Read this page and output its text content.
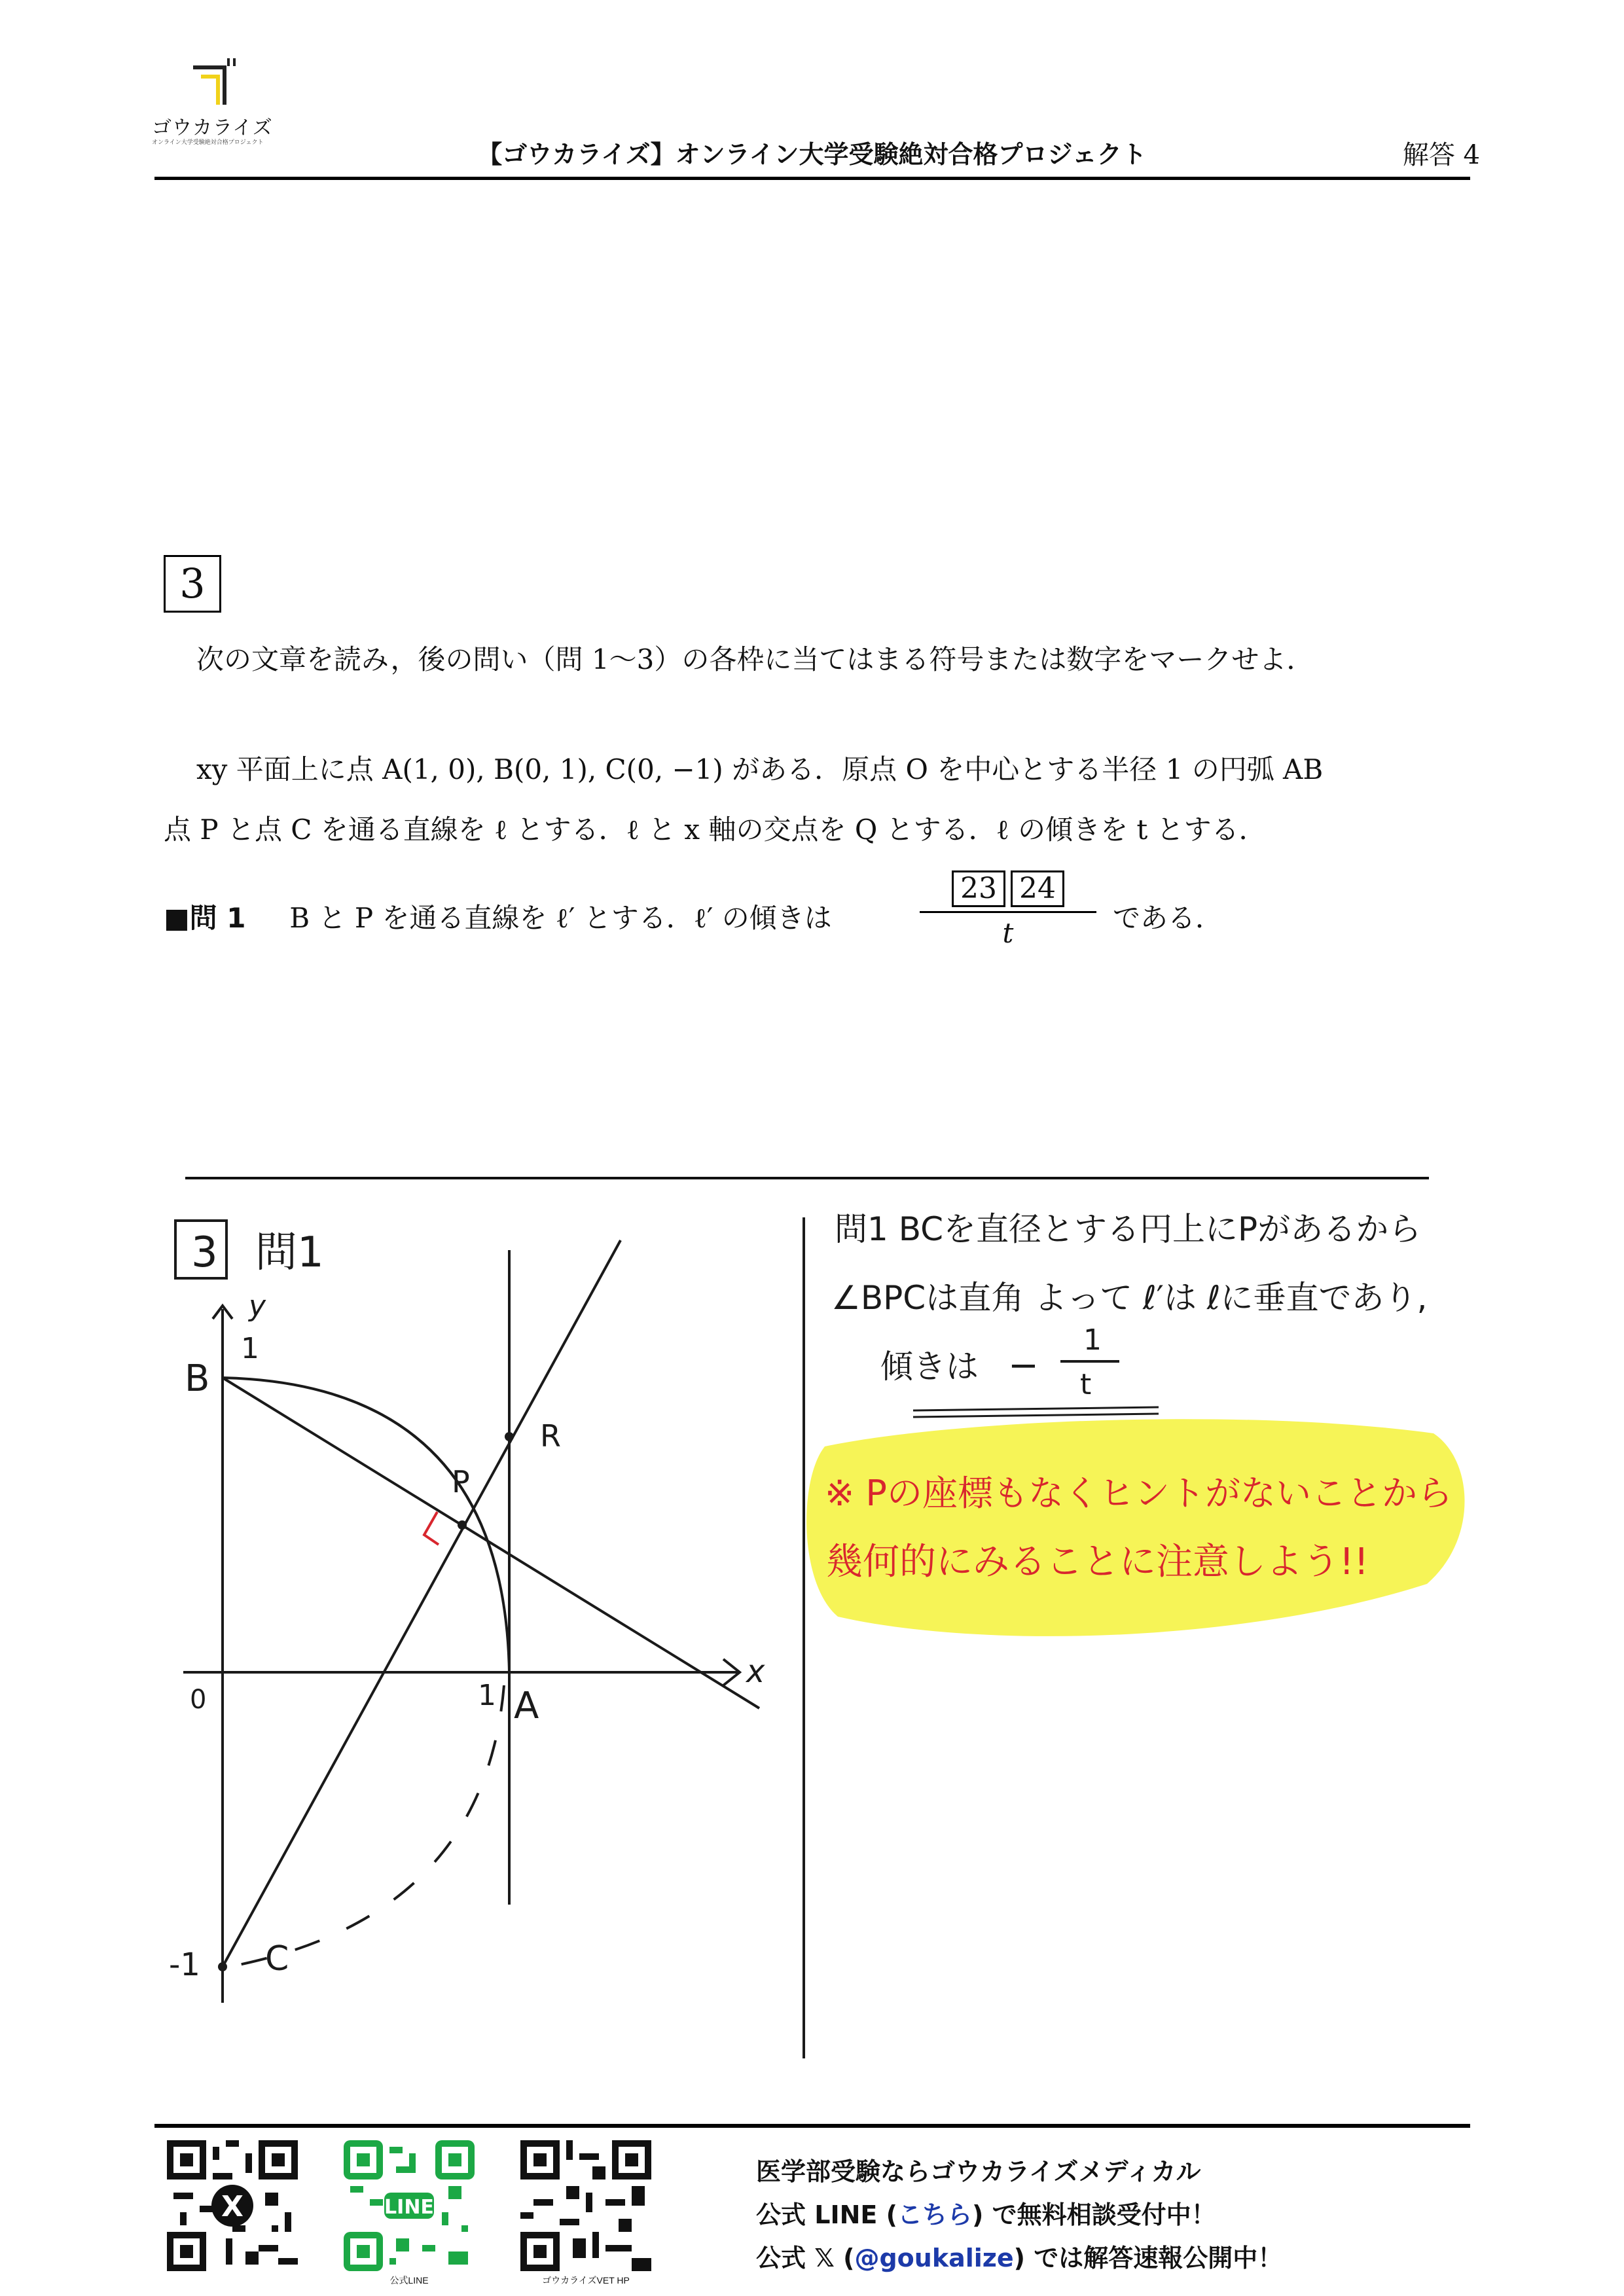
ゴウカライズ
オンライン大学受験絶対合格プロジェクト	【ゴウカライズ】オンライン大学受験絶対合格プロジェクト	解答 4
3
次の文章を読み，後の問い（問 1〜3）の各枠に当てはまる符号または数字をマークせよ．
xy 平面上に点 A(1, 0), B(0, 1), C(0, −1) がある．原点 O を中心とする半径 1 の円弧 AB
点 P と点 C を通る直線を ℓ とする．ℓ と x 軸の交点を Q とする．ℓ の傾きを t とする．
■問 1 B と P を通る直線を ℓ′ とする．ℓ′ の傾きは
23 24
t	である．
3 問1
y
1
B
P
R
x
0	1 A
-1 C
問1 BCを直径とする円上にPがあるから
∠BPCは直角 よって ℓ′は ℓに垂直であり,
傾きは −
1
t
※ Pの座標もなくヒントがないことから
幾何的にみることに注意しよう!!
X	LINE
公式LINE	ゴウカライズVET HP
医学部受験ならゴウカライズメディカル
公式 LINE (こちら) で無料相談受付中！
公式 𝕏 (@goukalize) では解答速報公開中！
